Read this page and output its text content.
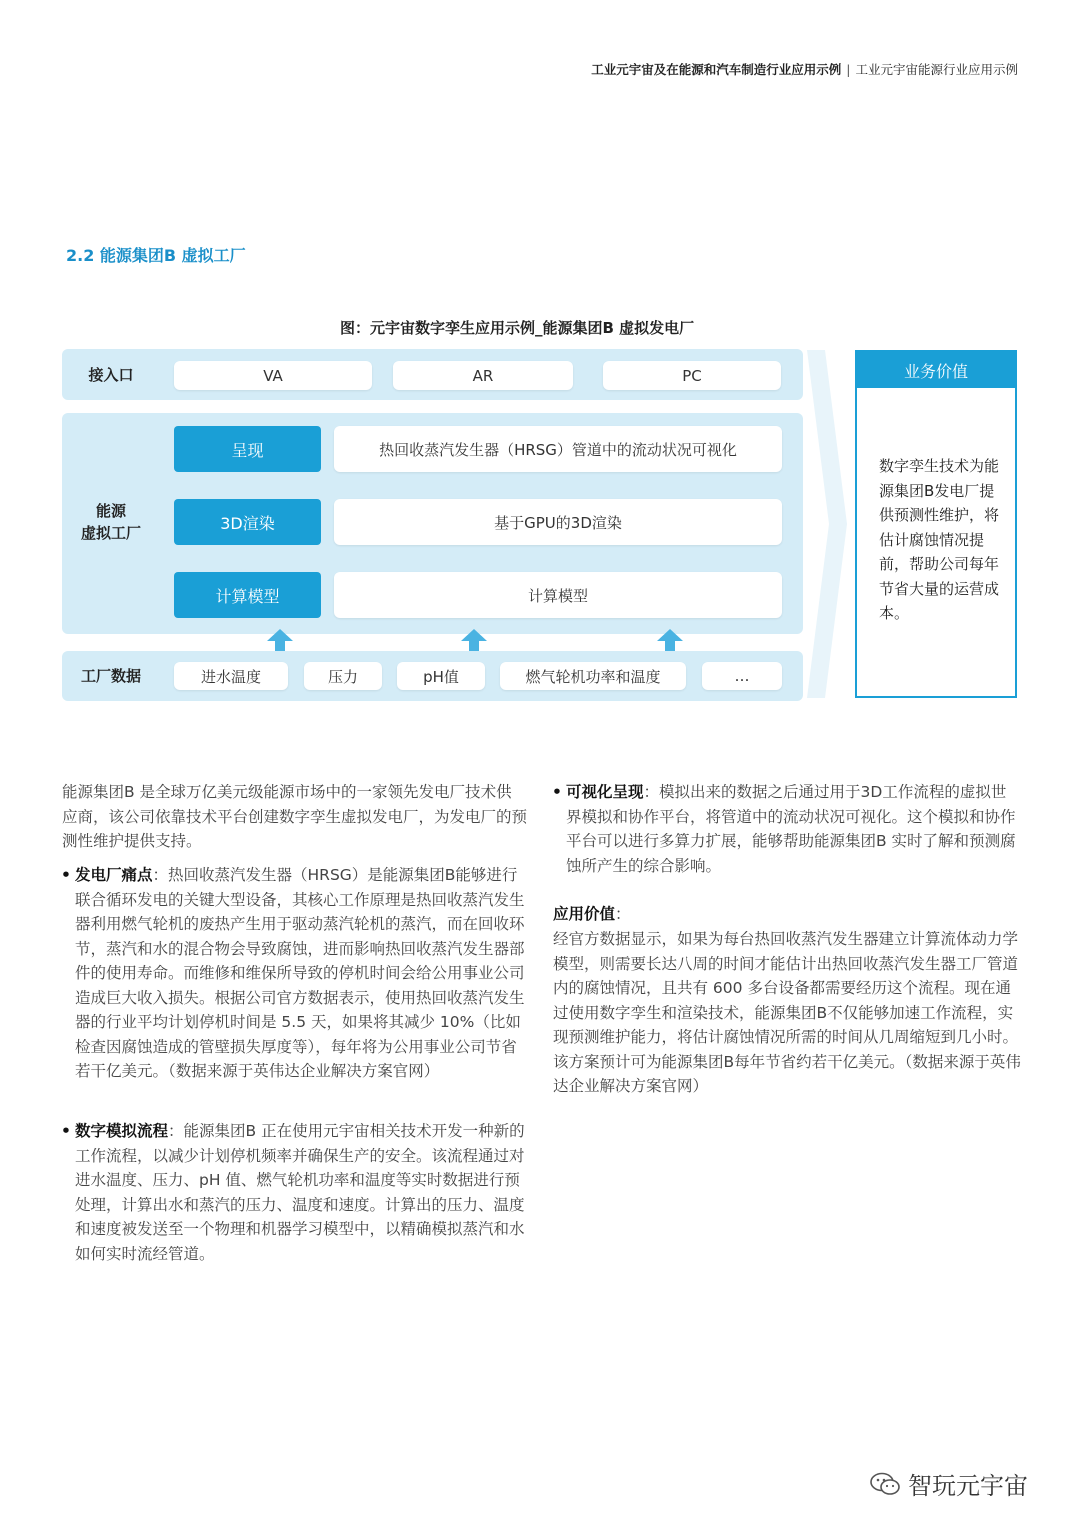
工业元宇宙及在能源和汽车制造行业应用示例 | 工业元宇宙能源行业应用示例
2.2 能源集团B 虚拟工厂
图：元宇宙数字孪生应用示例_能源集团B 虚拟发电厂
接入口	VA	AR	PC
能源
虚拟工厂
呈现	热回收蒸汽发生器（HRSG）管道中的流动状况可视化
3D渲染	基于GPU的3D渲染
计算模型	计算模型
工厂数据	进水温度	压力	pH值	燃气轮机功率和温度	…
业务价值
数字孪生技术为能源集团B发电厂提供预测性维护，将估计腐蚀情况提前，帮助公司每年节省大量的运营成本。
能源集团B 是全球万亿美元级能源市场中的一家领先发电厂技术供应商，该公司依靠技术平台创建数字孪生虚拟发电厂，为发电厂的预测性维护提供支持。
• 发电厂痛点：热回收蒸汽发生器（HRSG）是能源集团B能够进行联合循环发电的关键大型设备，其核心工作原理是热回收蒸汽发生器利用燃气轮机的废热产生用于驱动蒸汽轮机的蒸汽，而在回收环节，蒸汽和水的混合物会导致腐蚀，进而影响热回收蒸汽发生器部件的使用寿命。而维修和维保所导致的停机时间会给公用事业公司造成巨大收入损失。根据公司官方数据表示，使用热回收蒸汽发生器的行业平均计划停机时间是 5.5 天，如果将其减少 10%（比如检查因腐蚀造成的管壁损失厚度等），每年将为公用事业公司节省若干亿美元。（数据来源于英伟达企业解决方案官网）
• 数字模拟流程：能源集团B 正在使用元宇宙相关技术开发一种新的工作流程，以减少计划停机频率并确保生产的安全。该流程通过对进水温度、压力、pH 值、燃气轮机功率和温度等实时数据进行预处理，计算出水和蒸汽的压力、温度和速度。计算出的压力、温度和速度被发送至一个物理和机器学习模型中，以精确模拟蒸汽和水如何实时流经管道。
• 可视化呈现：模拟出来的数据之后通过用于3D工作流程的虚拟世界模拟和协作平台，将管道中的流动状况可视化。这个模拟和协作平台可以进行多算力扩展，能够帮助能源集团B 实时了解和预测腐蚀所产生的综合影响。
应用价值：
经官方数据显示，如果为每台热回收蒸汽发生器建立计算流体动力学模型，则需要长达八周的时间才能估计出热回收蒸汽发生器工厂管道内的腐蚀情况，且共有 600 多台设备都需要经历这个流程。现在通过使用数字孪生和渲染技术，能源集团B不仅能够加速工作流程，实现预测维护能力，将估计腐蚀情况所需的时间从几周缩短到几小时。该方案预计可为能源集团B每年节省约若干亿美元。（数据来源于英伟达企业解决方案官网）
智玩元宇宙
